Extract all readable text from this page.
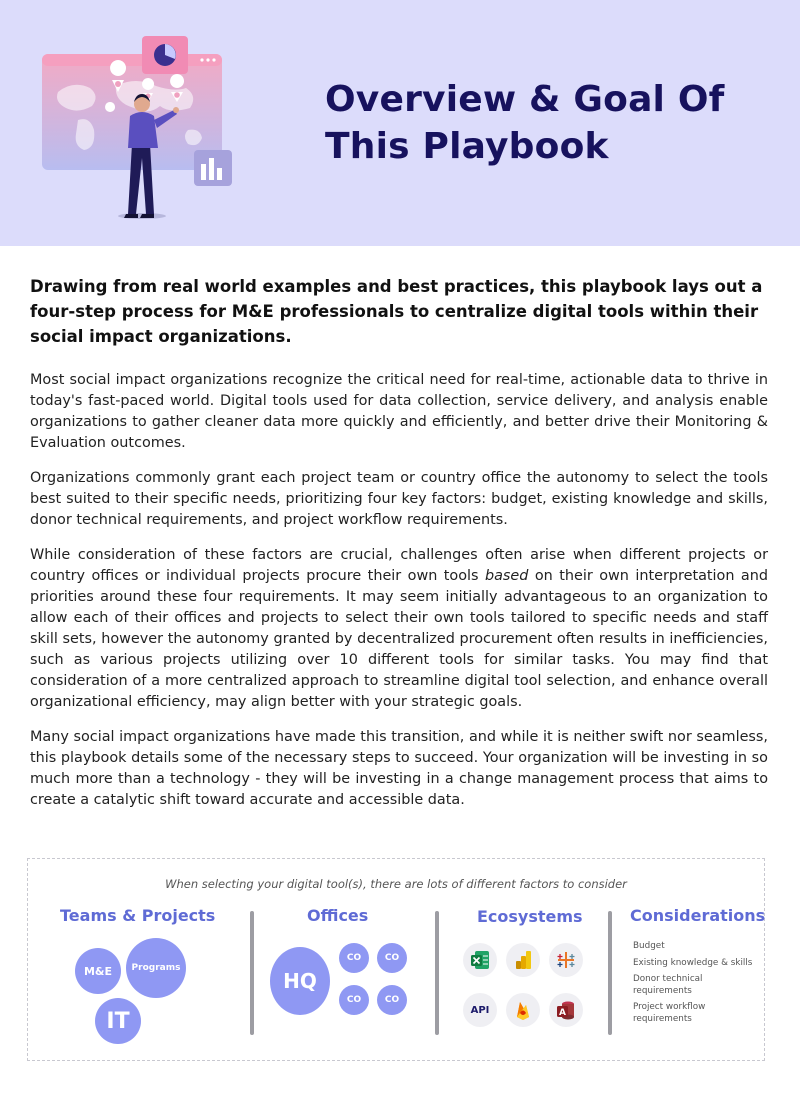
Overview & Goal Of
This Playbook

Drawing from real world examples and best practices, this playbook lays out a four-step process for M&E professionals to centralize digital tools within their social impact organizations.

Most social impact organizations recognize the critical need for real-time, actionable data to thrive in today's fast-paced world. Digital tools used for data collection, service delivery, and analysis enable organizations to gather cleaner data more quickly and efficiently, and better drive their Monitoring & Evaluation outcomes.

Organizations commonly grant each project team or country office the autonomy to select the tools best suited to their specific needs, prioritizing four key factors: budget, existing knowledge and skills, donor technical requirements, and project workflow requirements.

While consideration of these factors are crucial, challenges often arise when different projects or country offices or individual projects procure their own tools based on their own interpretation and priorities around these four requirements. It may seem initially advantageous to an organization to allow each of their offices and projects to select their own tools tailored to specific needs and staff skill sets, however the autonomy granted by decentralized procurement often results in inefficiencies, such as various projects utilizing over 10 different tools for similar tasks. You may find that consideration of a more centralized approach to streamline digital tool selection, and enhance overall organizational efficiency, may align better with your strategic goals.

Many social impact organizations have made this transition, and while it is neither swift nor seamless, this playbook details some of the necessary steps to succeed. Your organization will be investing in so much more than a technology - they will be investing in a change management process that aims to create a catalytic shift toward accurate and accessible data.

When selecting your digital tool(s), there are lots of different factors to consider
Teams & Projects
M&E	Programs
IT
Offices
HQ
CO	CO
CO	CO
Ecosystems
API	A
Considerations
Budget
Existing knowledge & skills
Donor technical requirements
Project workflow requirements
